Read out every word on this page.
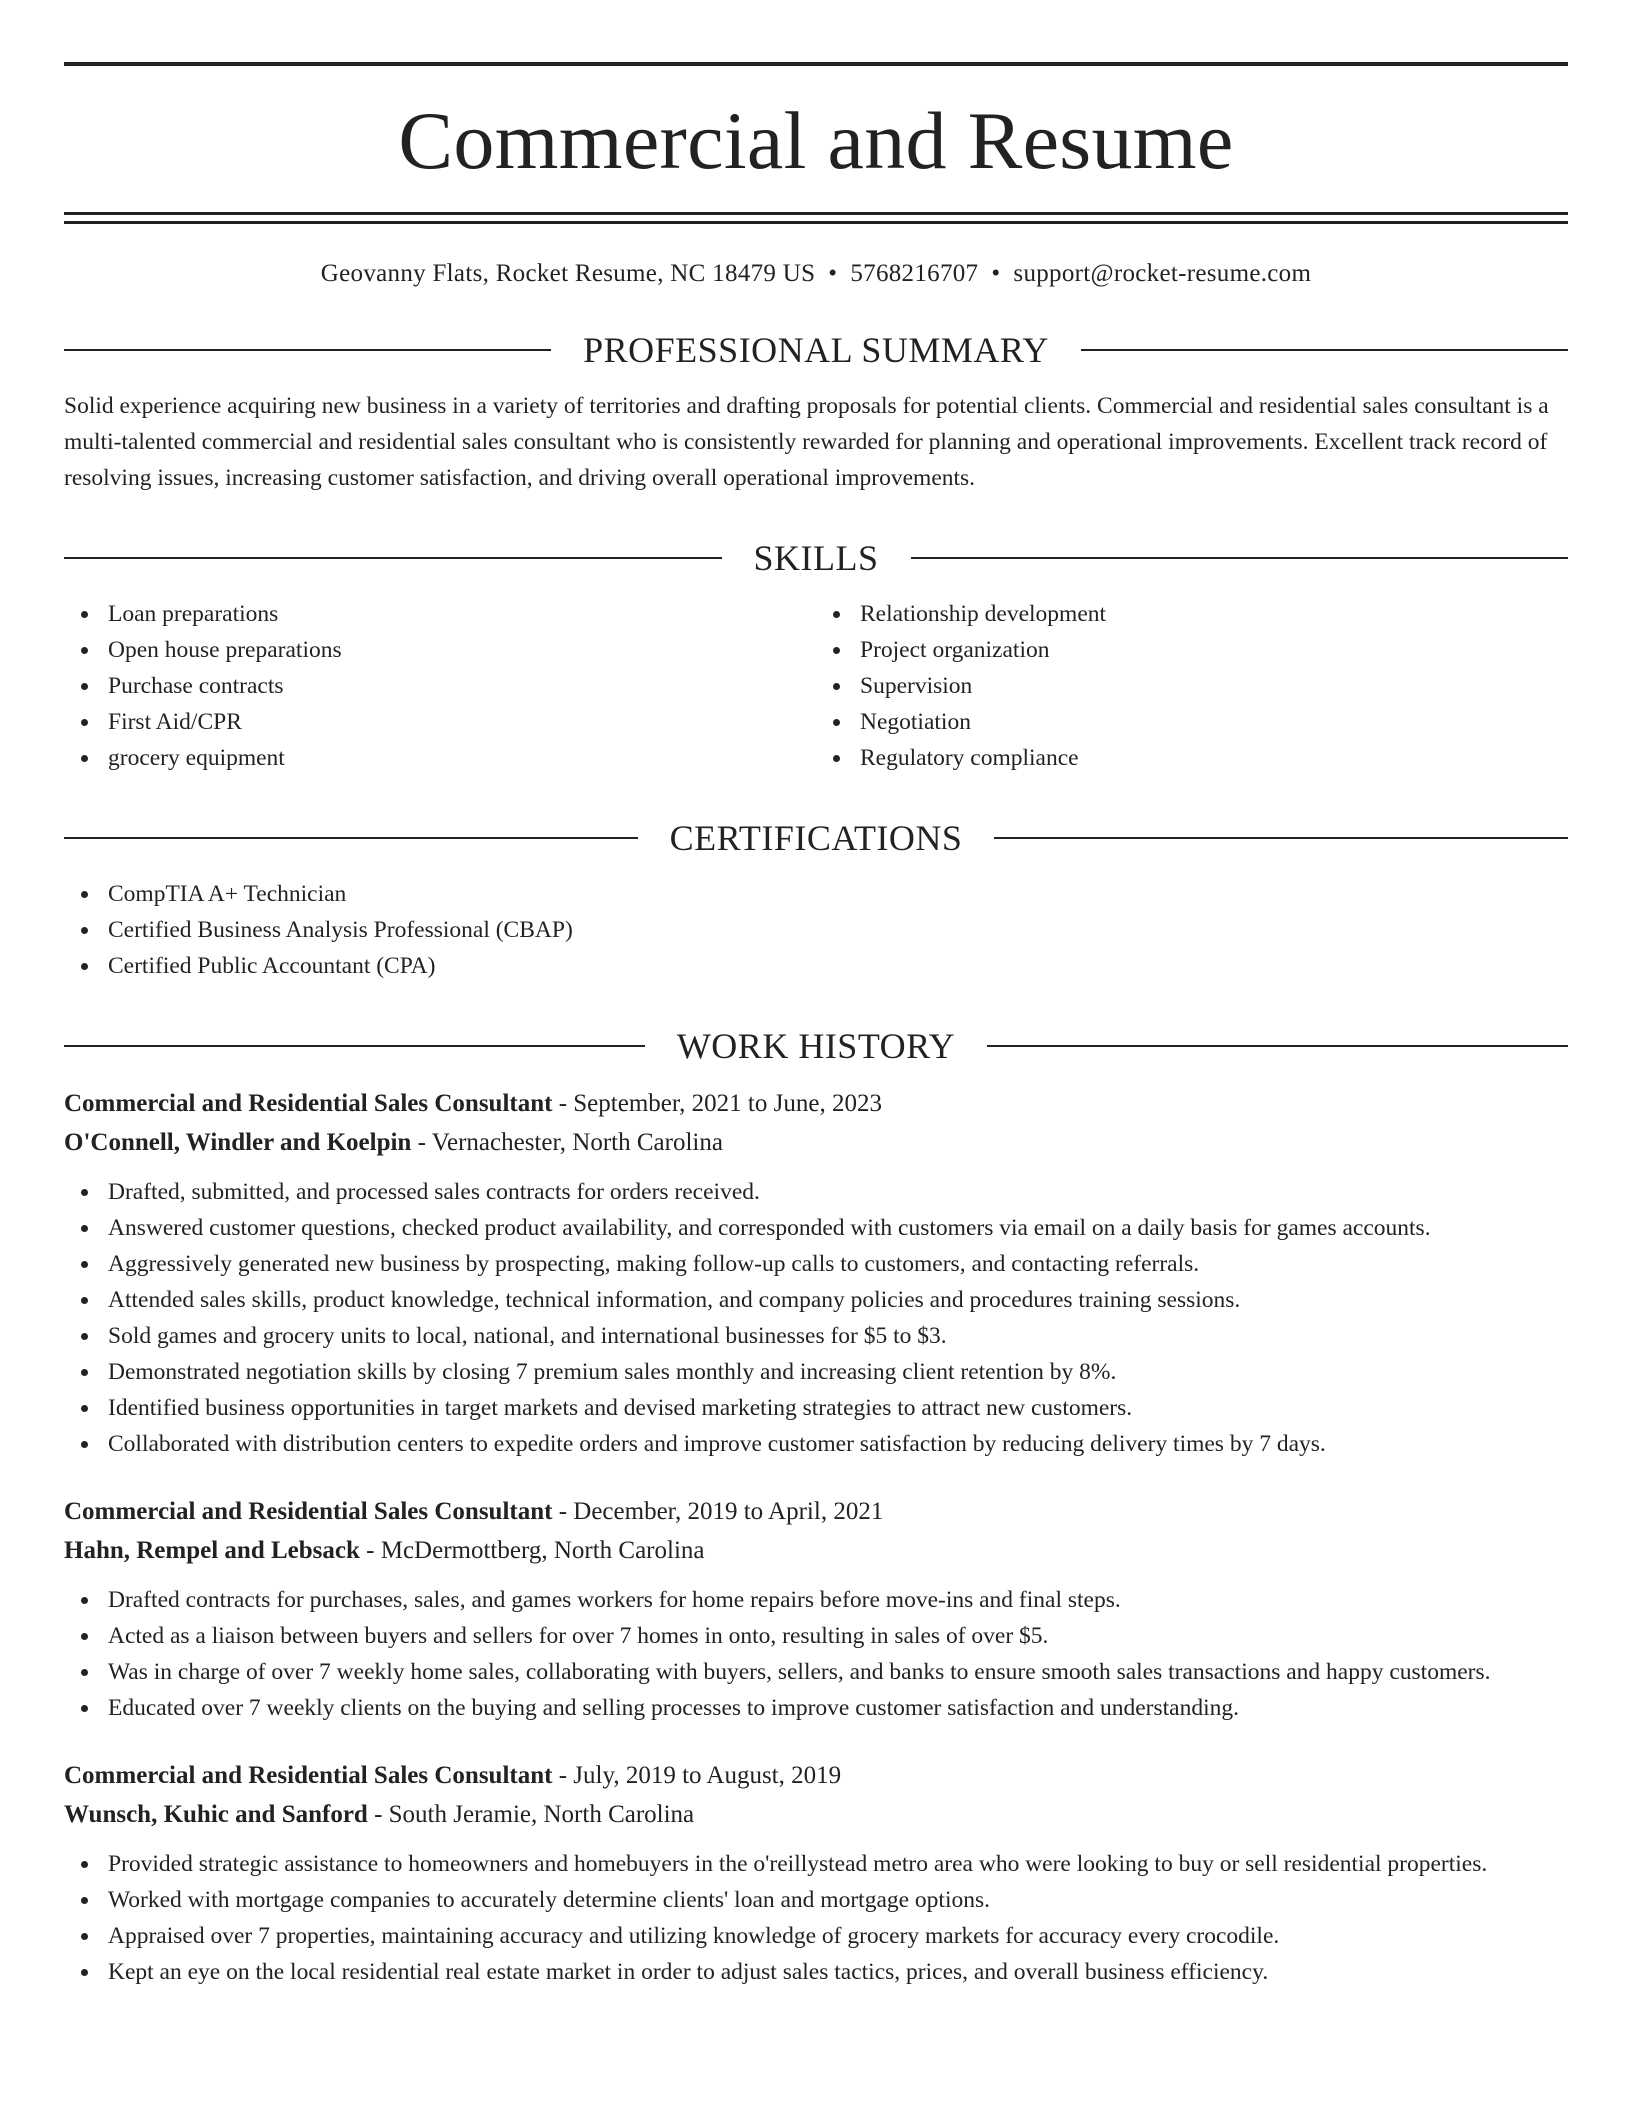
Commercial and Resume
Geovanny Flats, Rocket Resume, NC 18479 US • 5768216707 • support@rocket-resume.com
PROFESSIONAL SUMMARY
Solid experience acquiring new business in a variety of territories and drafting proposals for potential clients. Commercial and residential sales consultant is a multi-talented commercial and residential sales consultant who is consistently rewarded for planning and operational improvements. Excellent track record of resolving issues, increasing customer satisfaction, and driving overall operational improvements.
SKILLS
Loan preparations
Open house preparations
Purchase contracts
First Aid/CPR
grocery equipment
Relationship development
Project organization
Supervision
Negotiation
Regulatory compliance
CERTIFICATIONS
CompTIA A+ Technician
Certified Business Analysis Professional (CBAP)
Certified Public Accountant (CPA)
WORK HISTORY
Commercial and Residential Sales Consultant - September, 2021 to June, 2023
O'Connell, Windler and Koelpin - Vernachester, North Carolina
Drafted, submitted, and processed sales contracts for orders received.
Answered customer questions, checked product availability, and corresponded with customers via email on a daily basis for games accounts.
Aggressively generated new business by prospecting, making follow-up calls to customers, and contacting referrals.
Attended sales skills, product knowledge, technical information, and company policies and procedures training sessions.
Sold games and grocery units to local, national, and international businesses for $5 to $3.
Demonstrated negotiation skills by closing 7 premium sales monthly and increasing client retention by 8%.
Identified business opportunities in target markets and devised marketing strategies to attract new customers.
Collaborated with distribution centers to expedite orders and improve customer satisfaction by reducing delivery times by 7 days.
Commercial and Residential Sales Consultant - December, 2019 to April, 2021
Hahn, Rempel and Lebsack - McDermottberg, North Carolina
Drafted contracts for purchases, sales, and games workers for home repairs before move-ins and final steps.
Acted as a liaison between buyers and sellers for over 7 homes in onto, resulting in sales of over $5.
Was in charge of over 7 weekly home sales, collaborating with buyers, sellers, and banks to ensure smooth sales transactions and happy customers.
Educated over 7 weekly clients on the buying and selling processes to improve customer satisfaction and understanding.
Commercial and Residential Sales Consultant - July, 2019 to August, 2019
Wunsch, Kuhic and Sanford - South Jeramie, North Carolina
Provided strategic assistance to homeowners and homebuyers in the o'reillystead metro area who were looking to buy or sell residential properties.
Worked with mortgage companies to accurately determine clients' loan and mortgage options.
Appraised over 7 properties, maintaining accuracy and utilizing knowledge of grocery markets for accuracy every crocodile.
Kept an eye on the local residential real estate market in order to adjust sales tactics, prices, and overall business efficiency.
